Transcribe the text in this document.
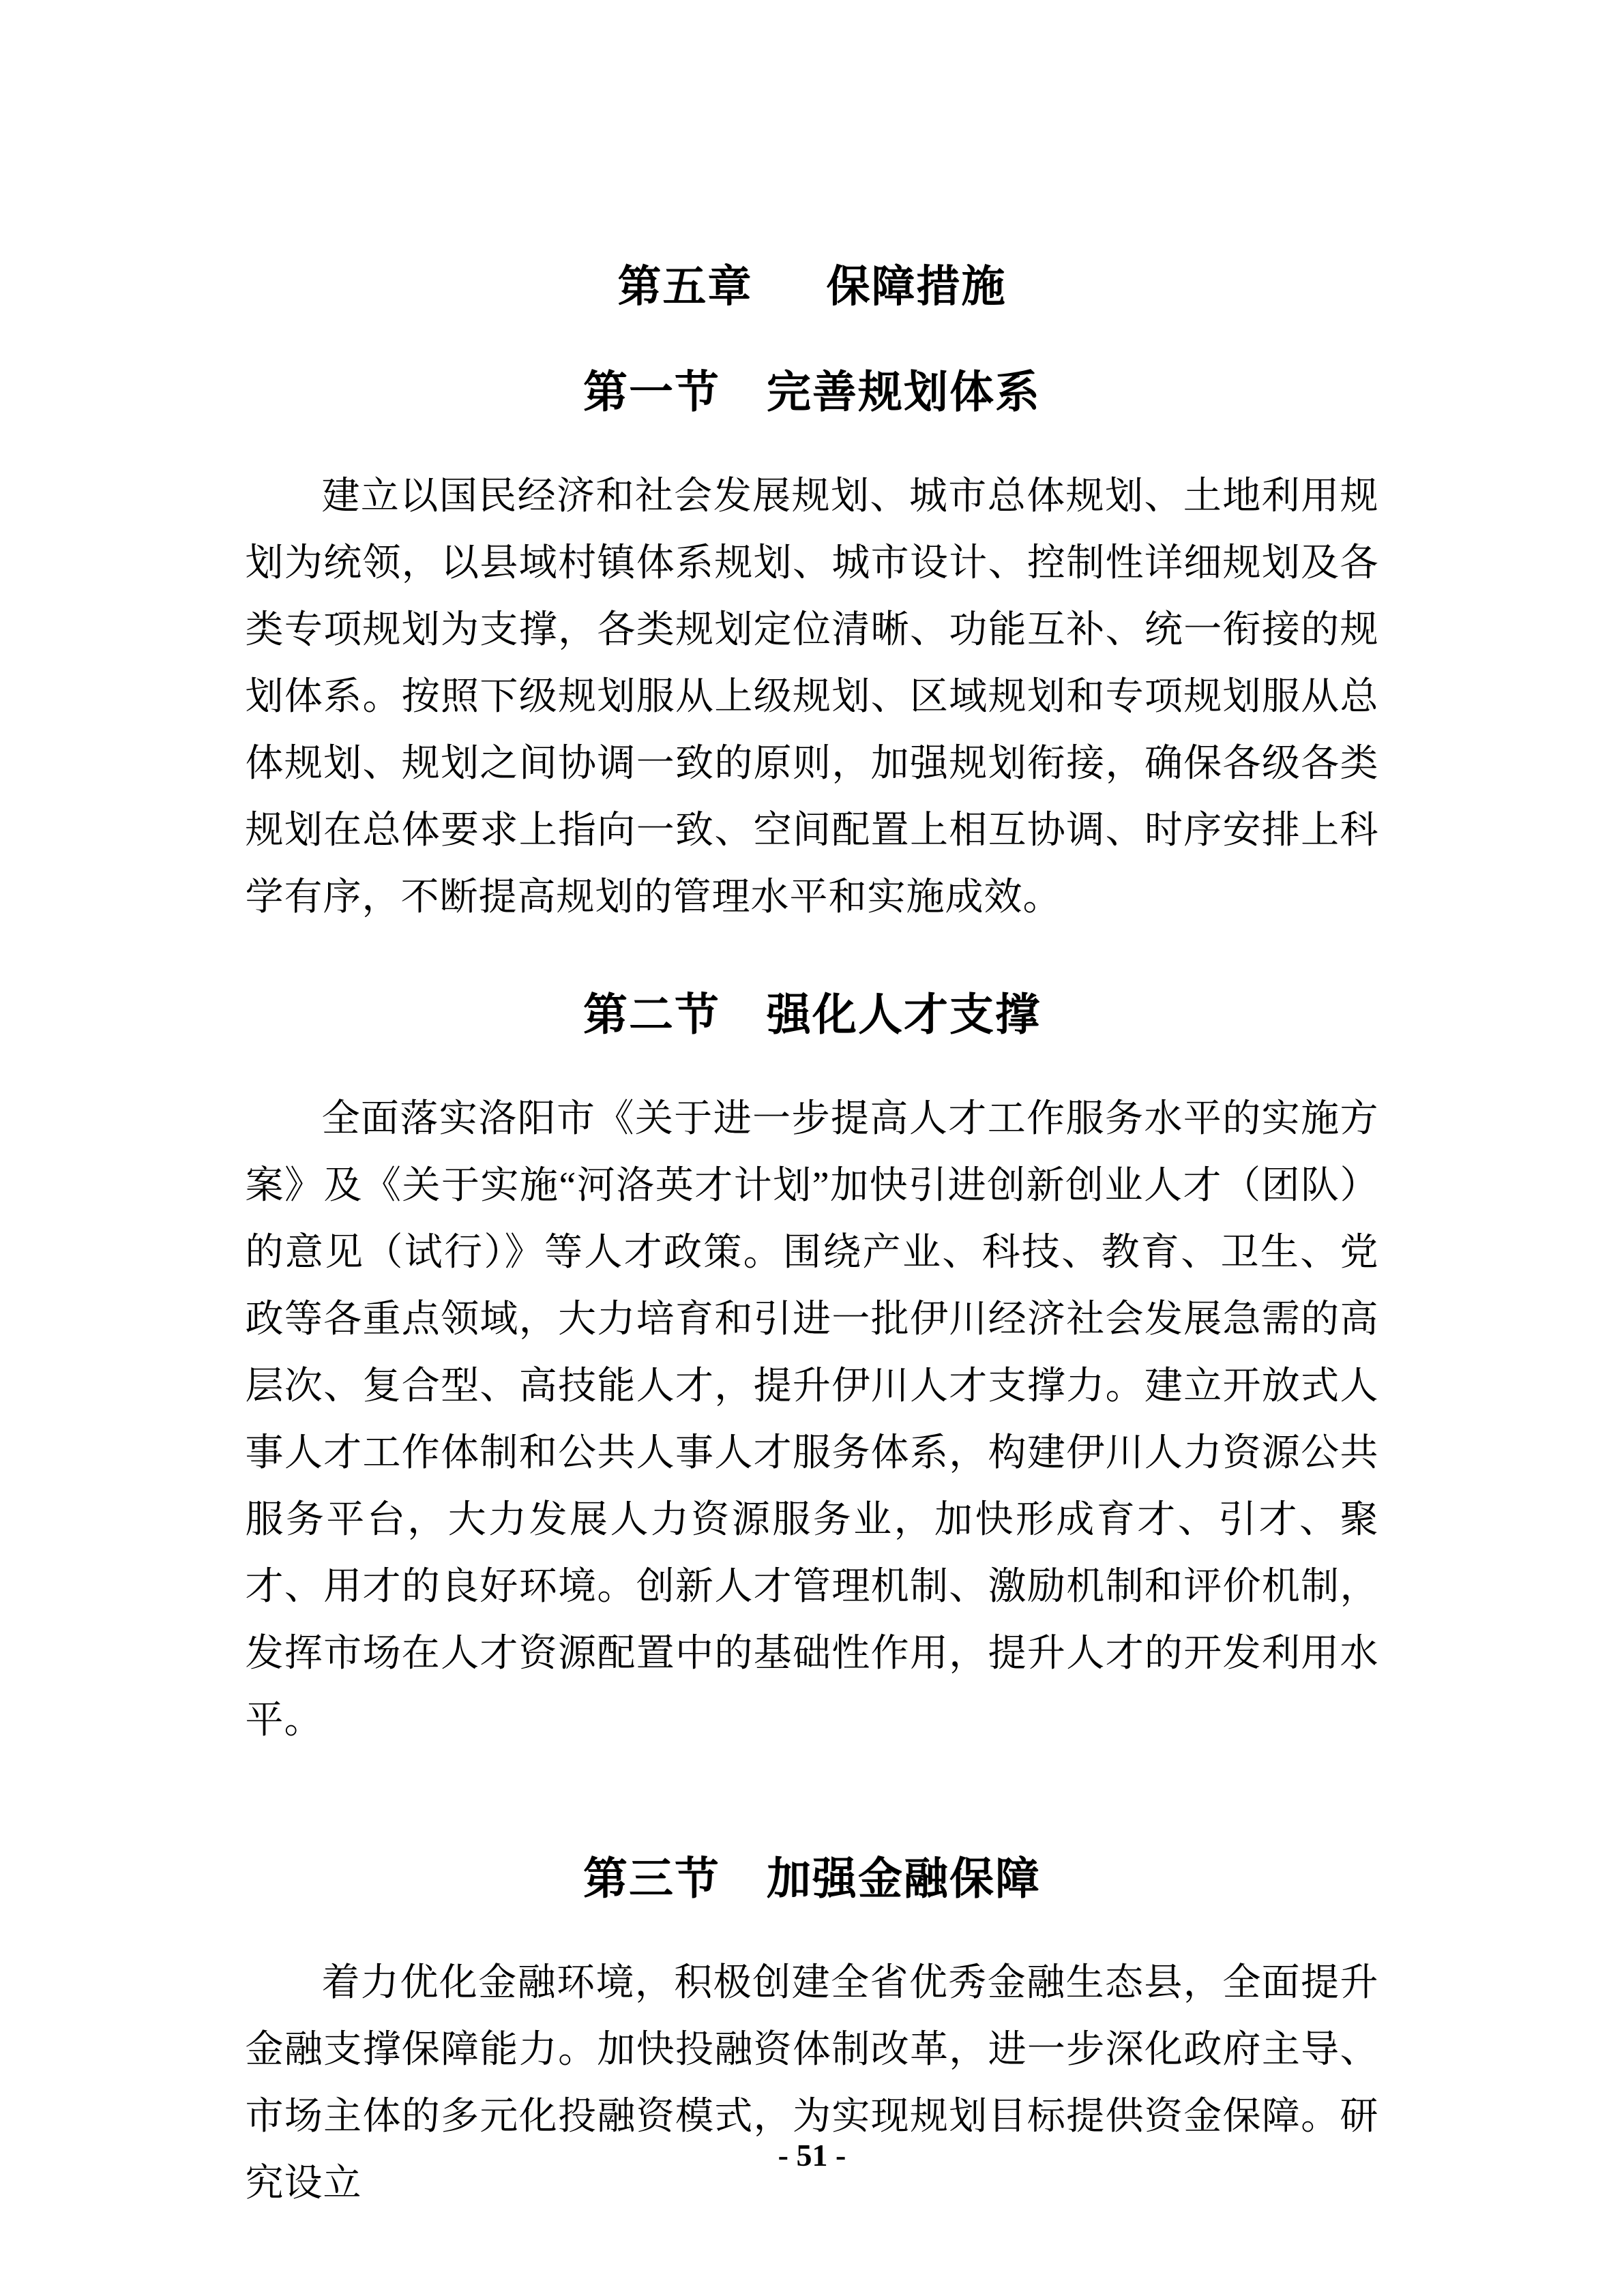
第五章 保障措施
第一节 完善规划体系

建立以国民经济和社会发展规划、城市总体规划、土地利用规划为统领，以县域村镇体系规划、城市设计、控制性详细规划及各类专项规划为支撑，各类规划定位清晰、功能互补、统一衔接的规划体系。按照下级规划服从上级规划、区域规划和专项规划服从总体规划、规划之间协调一致的原则，加强规划衔接，确保各级各类规划在总体要求上指向一致、空间配置上相互协调、时序安排上科学有序，不断提高规划的管理水平和实施成效。

第二节 强化人才支撑

全面落实洛阳市《关于进一步提高人才工作服务水平的实施方案》及《关于实施“河洛英才计划”加快引进创新创业人才（团队）的意见（试行）》等人才政策。围绕产业、科技、教育、卫生、党政等各重点领域，大力培育和引进一批伊川经济社会发展急需的高层次、复合型、高技能人才，提升伊川人才支撑力。建立开放式人事人才工作体制和公共人事人才服务体系，构建伊川人力资源公共服务平台，大力发展人力资源服务业，加快形成育才、引才、聚才、用才的良好环境。创新人才管理机制、激励机制和评价机制，发挥市场在人才资源配置中的基础性作用，提升人才的开发利用水平。

第三节 加强金融保障

着力优化金融环境，积极创建全省优秀金融生态县，全面提升金融支撑保障能力。加快投融资体制改革，进一步深化政府主导、市场主体的多元化投融资模式，为实现规划目标提供资金保障。研究设立

- 51 -
